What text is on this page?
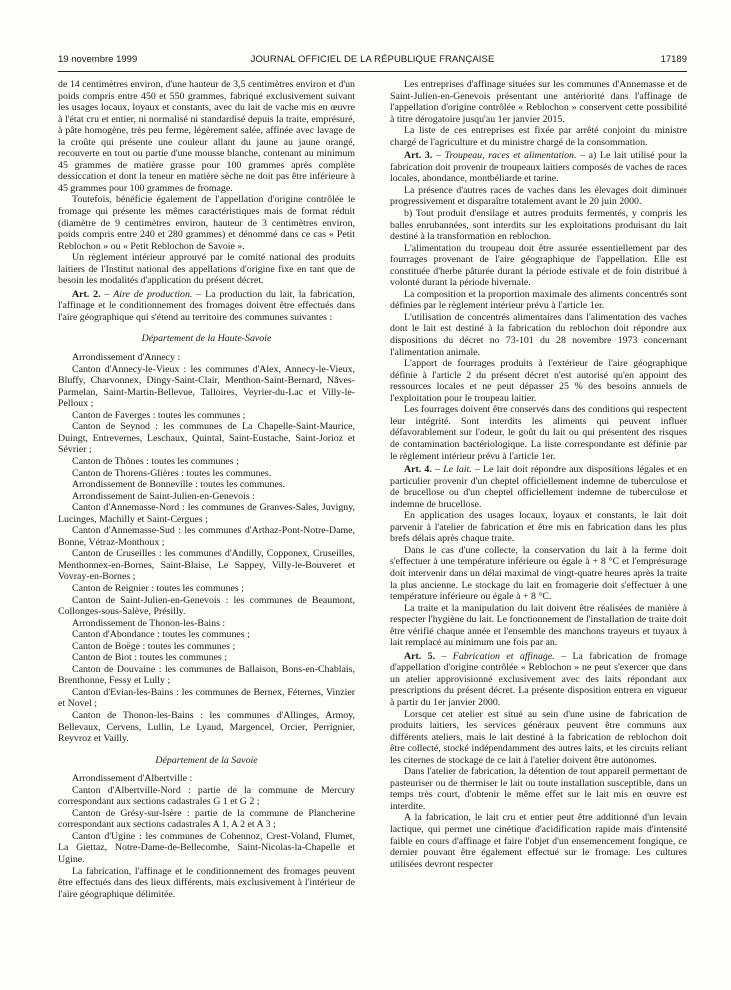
19 novembre 1999	JOURNAL OFFICIEL DE LA RÉPUBLIQUE FRANÇAISE	17189

de 14 centimètres environ, d'une hauteur de 3,5 centimètres environ et d'un poids compris entre 450 et 550 grammes, fabriqué exclusivement suivant les usages locaux, loyaux et constants, avec du lait de vache mis en œuvre à l'état cru et entier, ni normalisé ni standardisé depuis la traite, emprésuré, à pâte homogène, très peu ferme, légèrement salée, affinée avec lavage de la croûte qui présente une couleur allant du jaune au jaune orangé, recouverte en tout ou partie d'une mousse blanche, contenant au minimum 45 grammes de matière grasse pour 100 grammes après complète dessiccation et dont la teneur en matière sèche ne doit pas être inférieure à 45 grammes pour 100 grammes de fromage.

Toutefois, bénéficie également de l'appellation d'origine contrôlée le fromage qui présente les mêmes caractéristiques mais de format réduit (diamètre de 9 centimètres environ, hauteur de 3 centimètres environ, poids compris entre 240 et 280 grammes) et dénommé dans ce cas « Petit Reblochon » ou « Petit Reblochon de Savoie ».

Un règlement intérieur approuvé par le comité national des produits laitiers de l'Institut national des appellations d'origine fixe en tant que de besoin les modalités d'application du présent décret.

Art. 2. – Aire de production. – La production du lait, la fabrication, l'affinage et le conditionnement des fromages doivent être effectués dans l'aire géographique qui s'étend au territoire des communes suivantes :

Département de la Haute-Savoie

Arrondissement d'Annecy :

Canton d'Annecy-le-Vieux : les communes d'Alex, Annecy-le-Vieux, Bluffy, Charvonnex, Dingy-Saint-Clair, Menthon-Saint-Bernard, Nâves-Parmelan, Saint-Martin-Bellevue, Talloires, Veyrier-du-Lac et Villy-le-Pelloux ;

Canton de Faverges : toutes les communes ;

Canton de Seynod : les communes de La Chapelle-Saint-Maurice, Duingt, Entrevernes, Leschaux, Quintal, Saint-Eustache, Saint-Jorioz et Sévrier ;

Canton de Thônes : toutes les communes ;

Canton de Thorens-Glières : toutes les communes.

Arrondissement de Bonneville : toutes les communes.

Arrondissement de Saint-Julien-en-Genevois :

Canton d'Annemasse-Nord : les communes de Granves-Sales, Juvigny, Lucinges, Machilly et Saint-Cergues ;

Canton d'Annemasse-Sud : les communes d'Arthaz-Pont-Notre-Dame, Bonne, Vétraz-Monthoux ;

Canton de Cruseilles : les communes d'Andilly, Copponex, Cruseilles, Menthonnex-en-Bornes, Saint-Blaise, Le Sappey, Villy-le-Bouveret et Vovray-en-Bornes ;

Canton de Reignier : toutes les communes ;

Canton de Saint-Julien-en-Genevois : les communes de Beaumont, Collonges-sous-Salève, Présilly.

Arrondissement de Thonon-les-Bains :

Canton d'Abondance : toutes les communes ;

Canton de Boëge : toutes les communes ;

Canton de Biot : toutes les communes ;

Canton de Douvaine : les communes de Ballaison, Bons-en-Chablais, Brenthonne, Fessy et Lully ;

Canton d'Evian-les-Bains : les communes de Bernex, Féternes, Vinzier et Novel ;

Canton de Thonon-les-Bains : les communes d'Allinges, Armoy, Bellevaux, Cervens, Lullin, Le Lyaud, Margencel, Orcier, Perrignier, Reyvroz et Vailly.

Département de la Savoie

Arrondissement d'Albertville :

Canton d'Albertville-Nord : partie de la commune de Mercury correspondant aux sections cadastrales G 1 et G 2 ;

Canton de Grésy-sur-Isère : partie de la commune de Plancherine correspondant aux sections cadastrales A 1, A 2 et A 3 ;

Canton d'Ugine : les communes de Cohennoz, Crest-Voland, Flumet, La Giettaz, Notre-Dame-de-Bellecombe, Saint-Nicolas-la-Chapelle et Ugine.

La fabrication, l'affinage et le conditionnement des fromages peuvent être effectués dans des lieux différents, mais exclusivement à l'intérieur de l'aire géographique délimitée.

Les entreprises d'affinage situées sur les communes d'Annemasse et de Saint-Julien-en-Genevois présentant une antériorité dans l'affinage de l'appellation d'origine contrôlée « Reblochon » conservent cette possibilité à titre dérogatoire jusqu'au 1er janvier 2015.

La liste de ces entreprises est fixée par arrêté conjoint du ministre chargé de l'agriculture et du ministre chargé de la consommation.

Art. 3. – Troupeau, races et alimentation. – a) Le lait utilisé pour la fabrication doit provenir de troupeaux laitiers composés de vaches de races locales, abondance, montbéliarde et tarine.

La présence d'autres races de vaches dans les élevages doit diminuer progressivement et disparaître totalement avant le 20 juin 2000.

b) Tout produit d'ensilage et autres produits fermentés, y compris les balles enrubannées, sont interdits sur les exploitations produisant du lait destiné à la transformation en reblochon.

L'alimentation du troupeau doit être assurée essentiellement par des fourrages provenant de l'aire géographique de l'appellation. Elle est constituée d'herbe pâturée durant la période estivale et de foin distribué à volonté durant la période hivernale.

La composition et la proportion maximale des aliments concentrés sont définies par le règlement intérieur prévu à l'article 1er.

L'utilisation de concentrés alimentaires dans l'alimentation des vaches dont le lait est destiné à la fabrication du reblochon doit répondre aux dispositions du décret no 73-101 du 28 novembre 1973 concernant l'alimentation animale.

L'apport de fourrages produits à l'extérieur de l'aire géographique définie à l'article 2 du présent décret n'est autorisé qu'en appoint des ressources locales et ne peut dépasser 25 % des besoins annuels de l'exploitation pour le troupeau laitier.

Les fourrages doivent être conservés dans des conditions qui respectent leur intégrité. Sont interdits les aliments qui peuvent influer défavorablement sur l'odeur, le goût du lait ou qui présentent des risques de contamination bactériologique. La liste correspondante est définie par le règlement intérieur prévu à l'article 1er.

Art. 4. – Le lait. – Le lait doit répondre aux dispositions légales et en particulier provenir d'un cheptel officiellement indemne de tuberculose et de brucellose ou d'un cheptel officiellement indemne de tuberculose et indemne de brucellose.

En application des usages locaux, loyaux et constants, le lait doit parvenir à l'atelier de fabrication et être mis en fabrication dans les plus brefs délais après chaque traite.

Dans le cas d'une collecte, la conservation du lait à la ferme doit s'effectuer à une température inférieure ou égale à + 8 °C et l'emprésurage doit intervenir dans un délai maximal de vingt-quatre heures après la traite la plus ancienne. Le stockage du lait en fromagerie doit s'effectuer à une température inférieure ou égale à + 8 °C.

La traite et la manipulation du lait doivent être réalisées de manière à respecter l'hygiène du lait. Le fonctionnement de l'installation de traite doit être vérifié chaque année et l'ensemble des manchons trayeurs et tuyaux à lait remplacé au minimum une fois par an.

Art. 5. – Fabrication et affinage. – La fabrication de fromage d'appellation d'origine contrôlée « Reblochon » ne peut s'exercer que dans un atelier approvisionné exclusivement avec des laits répondant aux prescriptions du présent décret. La présente disposition entrera en vigueur à partir du 1er janvier 2000.

Lorsque cet atelier est situé au sein d'une usine de fabrication de produits laitiers, les services généraux peuvent être communs aux différents ateliers, mais le lait destiné à la fabrication de reblochon doit être collecté, stocké indépendamment des autres laits, et les circuits reliant les citernes de stockage de ce lait à l'atelier doivent être autonomes.

Dans l'atelier de fabrication, la détention de tout appareil permettant de pasteuriser ou de thermiser le lait ou toute installation susceptible, dans un temps très court, d'obtenir le même effet sur le lait mis en œuvre est interdite.

A la fabrication, le lait cru et entier peut être additionné d'un levain lactique, qui permet une cinétique d'acidification rapide mais d'intensité faible en cours d'affinage et faire l'objet d'un ensemencement fongique, ce dernier pouvant être également effectué sur le fromage. Les cultures utilisées devront respecter
